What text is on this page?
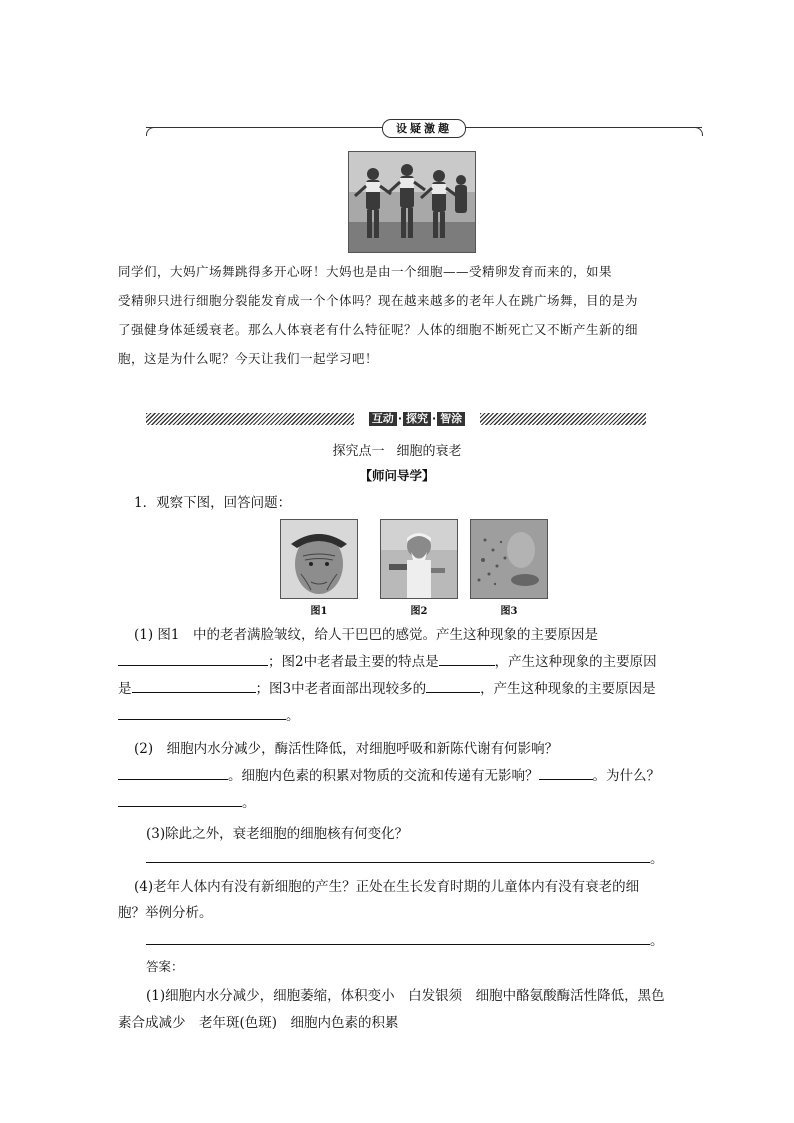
设疑激趣
同学们，大妈广场舞跳得多开心呀！大妈也是由一个细胞——受精卵发育而来的，如果
受精卵只进行细胞分裂能发育成一个个体吗？现在越来越多的老年人在跳广场舞，目的是为
了强健身体延缓衰老。那么人体衰老有什么特征呢？人体的细胞不断死亡又不断产生新的细
胞，这是为什么呢？今天让我们一起学习吧！
互动 · 探究 · 智涂
探究点一 细胞的衰老
【师问导学】
1．观察下图，回答问题：
图1	图2	图3
(1) 图1　中的老者满脸皱纹，给人干巴巴的感觉。产生这种现象的主要原因是
；图2中老者最主要的特点是	，产生这种现象的主要原因
是	；图3中老者面部出现较多的	，产生这种现象的主要原因是
。
(2)　细胞内水分减少，酶活性降低，对细胞呼吸和新陈代谢有何影响？
。细胞内色素的积累对物质的交流和传递有无影响？	。为什么？
。
(3)除此之外，衰老细胞的细胞核有何变化？
。
(4)老年人体内有没有新细胞的产生？正处在生长发育时期的儿童体内有没有衰老的细
胞？举例分析。
。
答案：
(1)细胞内水分减少，细胞萎缩，体积变小　白发银须　细胞中酪氨酸酶活性降低，黑色
素合成减少　老年斑(色斑)　细胞内色素的积累
